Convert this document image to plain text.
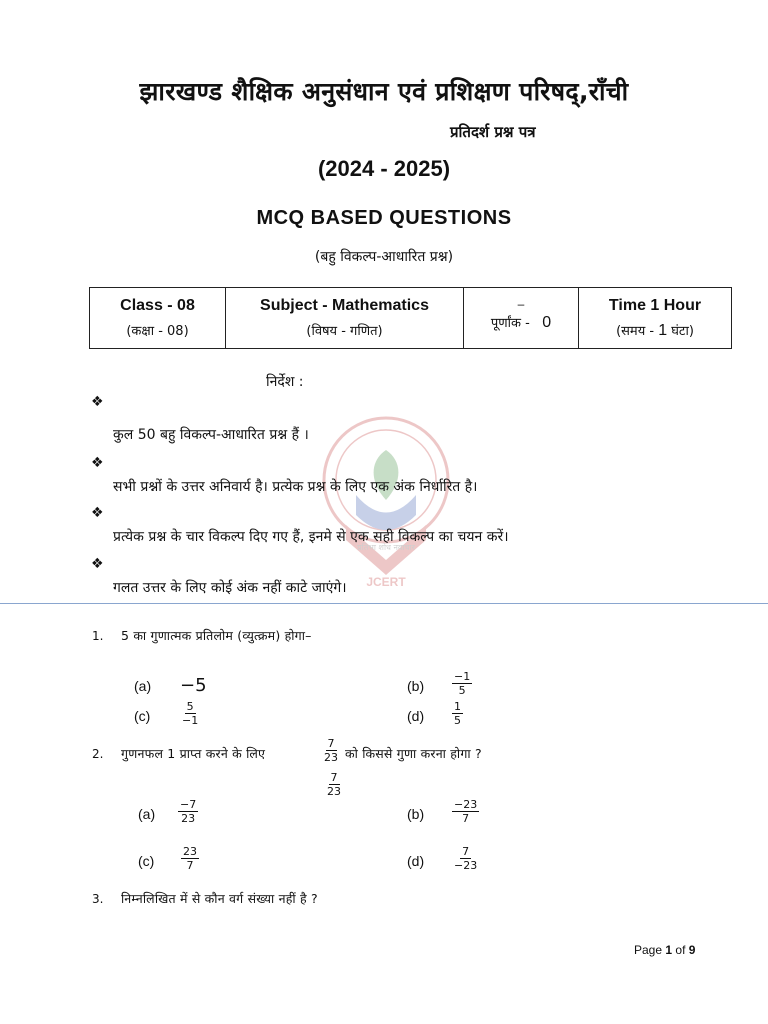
झारखण्ड शैक्षिक अनुसंधान एवं प्रशिक्षण परिषद्,राँची
प्रतिदर्श प्रश्न पत्र
(2024 - 2025)
MCQ BASED QUESTIONS
(बहु विकल्प-आधारित प्रश्न)
Class - 08
(कक्षा - 08)

Subject - Mathematics
(विषय - गणित)

–
पूर्णांक - 0

Time 1 Hour
(समय - 1 घंटा)
JCERT
प्रतिभा शोध नवाचार
निर्देश :
❖
कुल 50 बहु विकल्प-आधारित प्रश्न हैं ।
❖
सभी प्रश्नों के उत्तर अनिवार्य है। प्रत्येक प्रश्न के लिए एक अंक निर्धारित है।
❖
प्रत्येक प्रश्न के चार विकल्प दिए गए हैं, इनमे से एक सही विकल्प का चयन करें।
❖
गलत उत्तर के लिए कोई अंक नहीं काटे जाएंगे।
1. 5 का गुणात्मक प्रतिलोम (व्युत्क्रम) होगा–
(a) −5	(b)	$\frac{-1}{5}$
(c)	$\frac{5}{-1}$	(d)	$\frac{1}{5}$
2. गुणनफल 1 प्राप्त करने के लिए	$\frac{7}{23}$ को किससे गुणा करना होगा ?
$\frac{7}{23}$
$(a) \frac{-7}{23}$	(b)	$\frac{-23}{7}$
$(c) \frac{23}{7}$	(d)	$\frac{7}{-23}$
3. निम्नलिखित में से कौन वर्ग संख्या नहीं है ?
Page 1 of 9
